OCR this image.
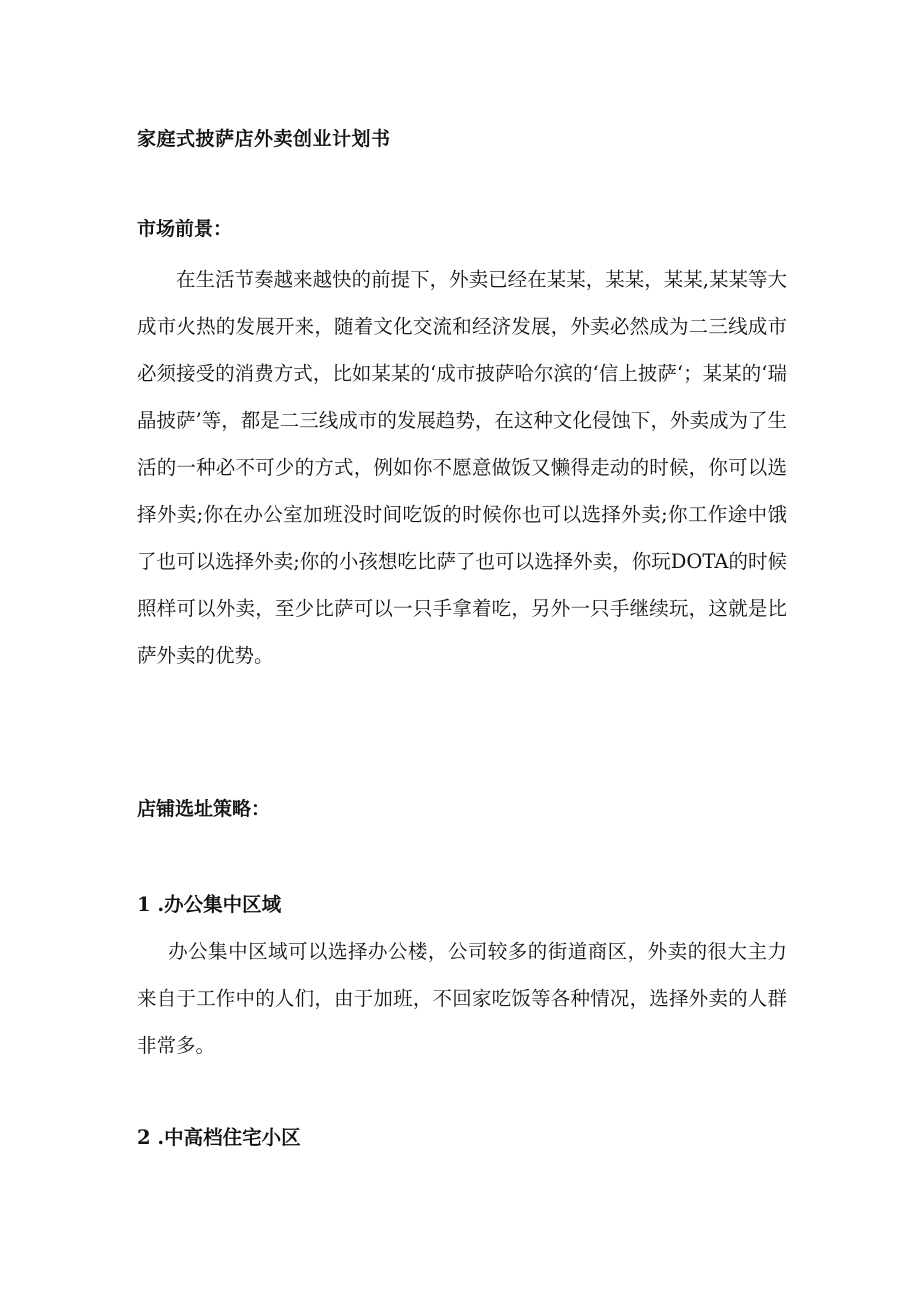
家庭式披萨店外卖创业计划书
市场前景：

在生活节奏越来越快的前提下，外卖已经在某某，某某，某某,某某等大成市火热的发展开来，随着文化交流和经济发展，外卖必然成为二三线成市必须接受的消费方式，比如某某的‘成市披萨哈尔滨的‘信上披萨‘；某某的‘瑞晶披萨’等，都是二三线成市的发展趋势，在这种文化侵蚀下，外卖成为了生活的一种必不可少的方式，例如你不愿意做饭又懒得走动的时候，你可以选择外卖;你在办公室加班没时间吃饭的时候你也可以选择外卖;你工作途中饿了也可以选择外卖;你的小孩想吃比萨了也可以选择外卖，你玩DOTA的时候照样可以外卖，至少比萨可以一只手拿着吃，另外一只手继续玩，这就是比萨外卖的优势。

店铺选址策略：
1 .办公集中区域

办公集中区域可以选择办公楼，公司较多的街道商区，外卖的很大主力来自于工作中的人们，由于加班，不回家吃饭等各种情况，选择外卖的人群非常多。

2 .中高档住宅小区
